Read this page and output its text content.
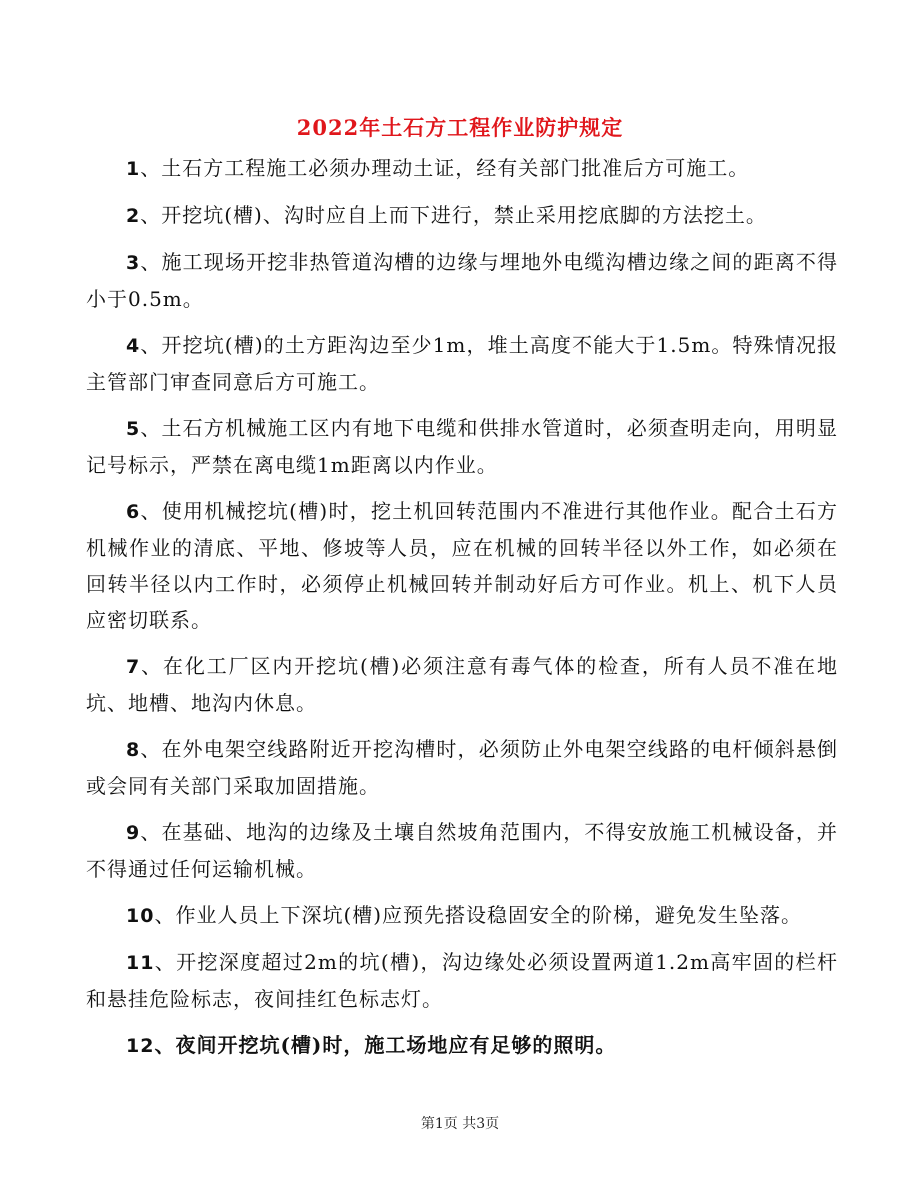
2022年土石方工程作业防护规定

1、土石方工程施工必须办理动土证，经有关部门批准后方可施工。

2、开挖坑(槽)、沟时应自上而下进行，禁止采用挖底脚的方法挖土。

3、施工现场开挖非热管道沟槽的边缘与埋地外电缆沟槽边缘之间的距离不得小于0.5m。

4、开挖坑(槽)的土方距沟边至少1m，堆土高度不能大于1.5m。特殊情况报主管部门审查同意后方可施工。

5、土石方机械施工区内有地下电缆和供排水管道时，必须查明走向，用明显记号标示，严禁在离电缆1m距离以内作业。

6、使用机械挖坑(槽)时，挖土机回转范围内不准进行其他作业。配合土石方机械作业的清底、平地、修坡等人员，应在机械的回转半径以外工作，如必须在回转半径以内工作时，必须停止机械回转并制动好后方可作业。机上、机下人员应密切联系。

7、在化工厂区内开挖坑(槽)必须注意有毒气体的检查，所有人员不准在地坑、地槽、地沟内休息。

8、在外电架空线路附近开挖沟槽时，必须防止外电架空线路的电杆倾斜悬倒或会同有关部门采取加固措施。

9、在基础、地沟的边缘及土壤自然坡角范围内，不得安放施工机械设备，并不得通过任何运输机械。

10、作业人员上下深坑(槽)应预先搭设稳固安全的阶梯，避免发生坠落。

11、开挖深度超过2m的坑(槽)，沟边缘处必须设置两道1.2m高牢固的栏杆和悬挂危险标志，夜间挂红色标志灯。

12、夜间开挖坑(槽)时，施工场地应有足够的照明。

第1页 共3页
